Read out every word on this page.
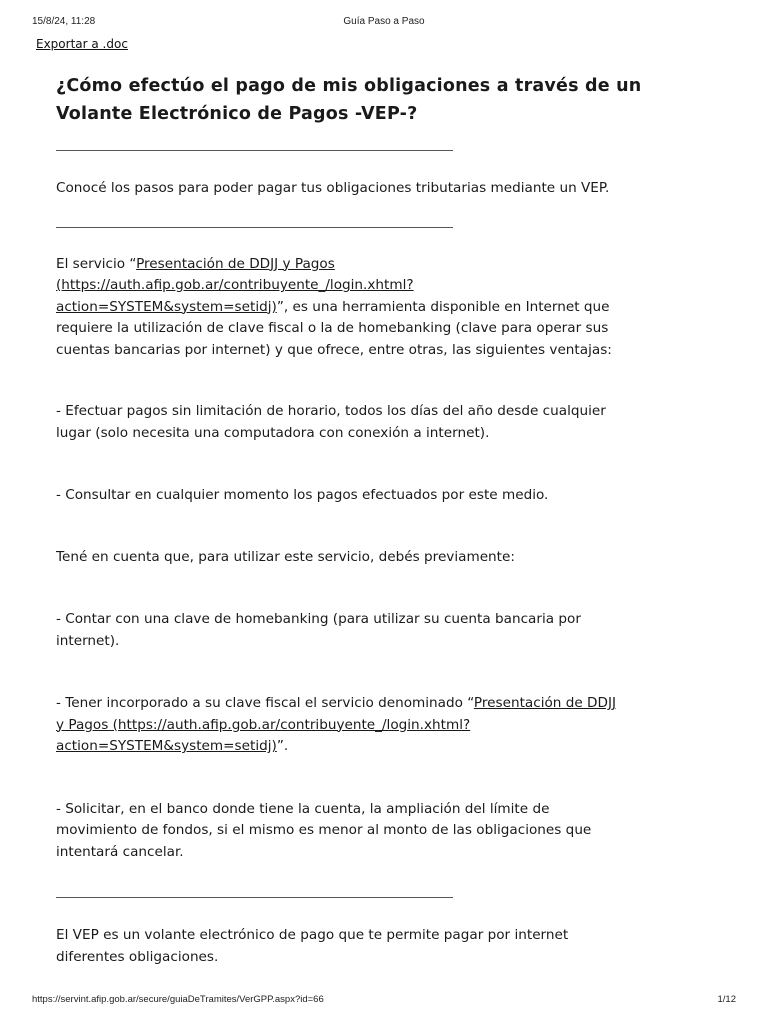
15/8/24, 11:28	Guía Paso a Paso
Exportar a .doc
¿Cómo efectúo el pago de mis obligaciones a través de un
Volante Electrónico de Pagos -VEP-?

Conocé los pasos para poder pagar tus obligaciones tributarias mediante un VEP.

El servicio “Presentación de DDJJ y Pagos
(https://auth.afip.gob.ar/contribuyente_/login.xhtml?
action=SYSTEM&system=setidj)”, es una herramienta disponible en Internet que
requiere la utilización de clave fiscal o la de homebanking (clave para operar sus
cuentas bancarias por internet) y que ofrece, entre otras, las siguientes ventajas:

- Efectuar pagos sin limitación de horario, todos los días del año desde cualquier
lugar (solo necesita una computadora con conexión a internet).

- Consultar en cualquier momento los pagos efectuados por este medio.

Tené en cuenta que, para utilizar este servicio, debés previamente:

- Contar con una clave de homebanking (para utilizar su cuenta bancaria por
internet).

- Tener incorporado a su clave fiscal el servicio denominado “Presentación de DDJJ
y Pagos (https://auth.afip.gob.ar/contribuyente_/login.xhtml?
action=SYSTEM&system=setidj)”.

- Solicitar, en el banco donde tiene la cuenta, la ampliación del límite de
movimiento de fondos, si el mismo es menor al monto de las obligaciones que
intentará cancelar.

El VEP es un volante electrónico de pago que te permite pagar por internet
diferentes obligaciones.

https://servint.afip.gob.ar/secure/guiaDeTramites/VerGPP.aspx?id=66	1/12
